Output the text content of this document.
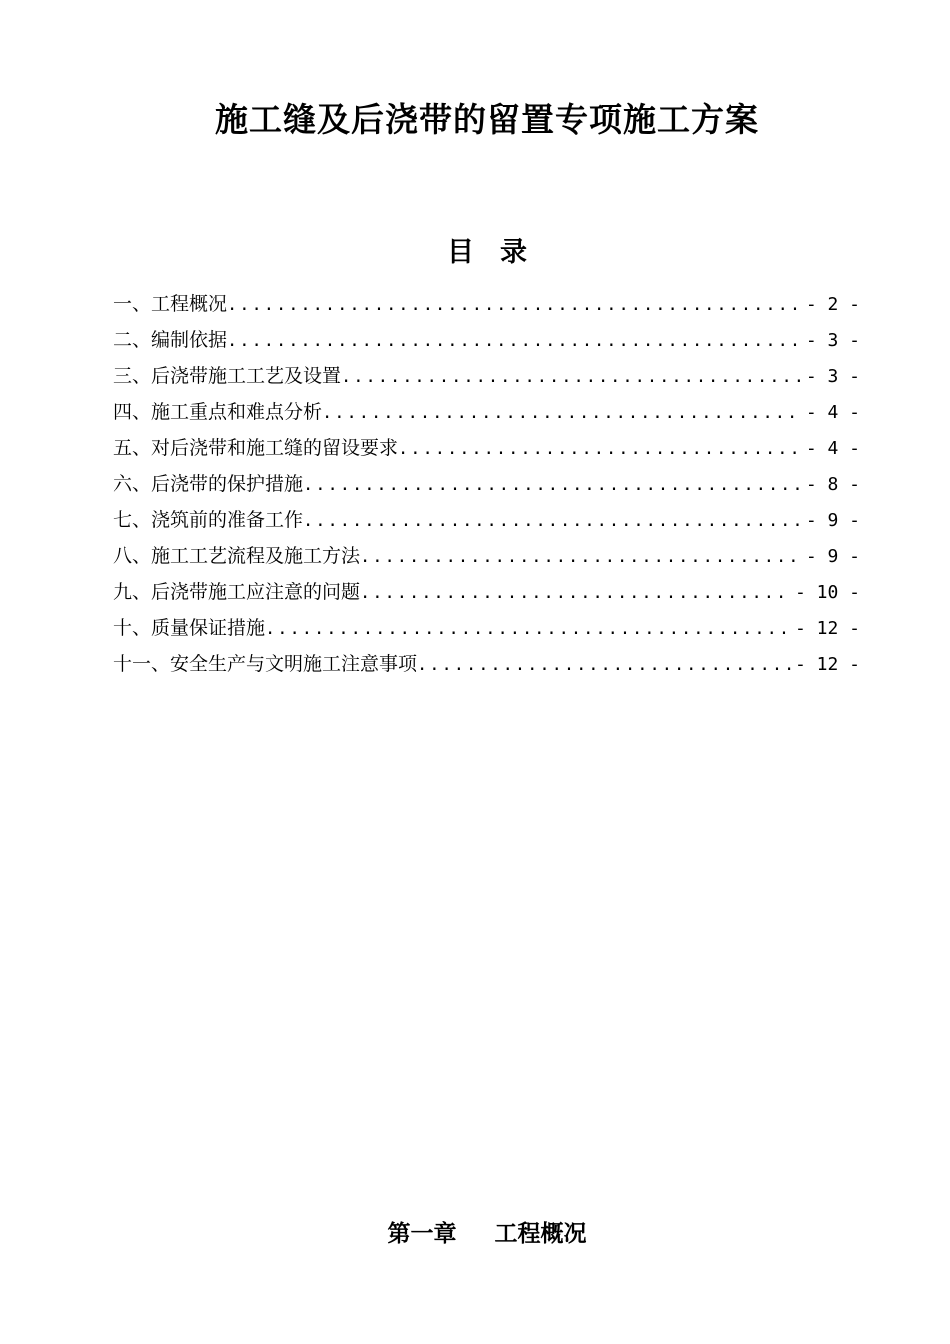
施工缝及后浇带的留置专项施工方案
目 录
一、工程概况 .....	- 2 -
二、编制依据 .....	- 3 -
三、后浇带施工工艺及设置 .....	- 3 -
四、施工重点和难点分析 .....	- 4 -
五、对后浇带和施工缝的留设要求 .....	- 4 -
六、后浇带的保护措施 .....	- 8 -
七、浇筑前的准备工作 .....	- 9 -
八、施工工艺流程及施工方法 .....	- 9 -
九、后浇带施工应注意的问题 .....	- 10 -
十、质量保证措施 .....	- 12 -
十一、安全生产与文明施工注意事项 .....	- 12 -
第一章 工程概况
